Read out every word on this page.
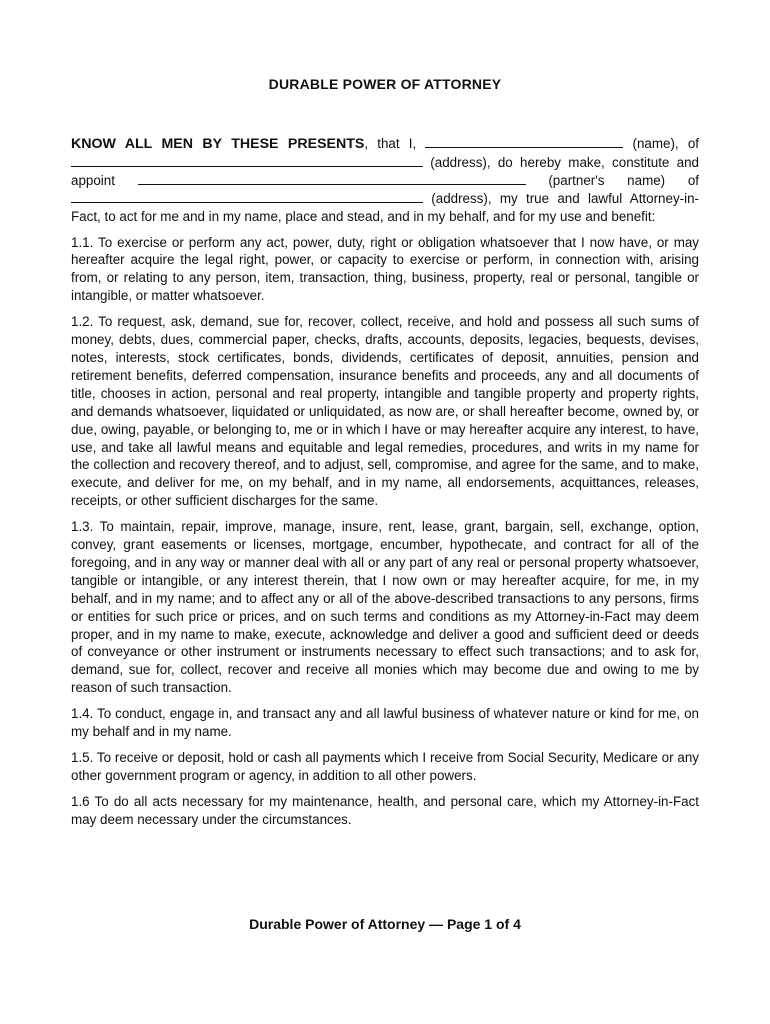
DURABLE POWER OF ATTORNEY

KNOW ALL MEN BY THESE PRESENTS, that I,	(name), of  (address), do hereby make, constitute and appoint	(partner's name) of  (address), my true and lawful Attorney-in-Fact, to act for me and in my name, place and stead, and in my behalf, and for my use and benefit:

1.1. To exercise or perform any act, power, duty, right or obligation whatsoever that I now have, or may hereafter acquire the legal right, power, or capacity to exercise or perform, in connection with, arising from, or relating to any person, item, transaction, thing, business, property, real or personal, tangible or intangible, or matter whatsoever.

1.2. To request, ask, demand, sue for, recover, collect, receive, and hold and possess all such sums of money, debts, dues, commercial paper, checks, drafts, accounts, deposits, legacies, bequests, devises, notes, interests, stock certificates, bonds, dividends, certificates of deposit, annuities, pension and retirement benefits, deferred compensation, insurance benefits and proceeds, any and all documents of title, chooses in action, personal and real property, intangible and tangible property and property rights, and demands whatsoever, liquidated or unliquidated, as now are, or shall hereafter become, owned by, or due, owing, payable, or belonging to, me or in which I have or may hereafter acquire any interest, to have, use, and take all lawful means and equitable and legal remedies, procedures, and writs in my name for the collection and recovery thereof, and to adjust, sell, compromise, and agree for the same, and to make, execute, and deliver for me, on my behalf, and in my name, all endorsements, acquittances, releases, receipts, or other sufficient discharges for the same.

1.3. To maintain, repair, improve, manage, insure, rent, lease, grant, bargain, sell, exchange, option, convey, grant easements or licenses, mortgage, encumber, hypothecate, and contract for all of the foregoing, and in any way or manner deal with all or any part of any real or personal property whatsoever, tangible or intangible, or any interest therein, that I now own or may hereafter acquire, for me, in my behalf, and in my name; and to affect any or all of the above-described transactions to any persons, firms or entities for such price or prices, and on such terms and conditions as my Attorney-in-Fact may deem proper, and in my name to make, execute, acknowledge and deliver a good and sufficient deed or deeds of conveyance or other instrument or instruments necessary to effect such transactions; and to ask for, demand, sue for, collect, recover and receive all monies which may become due and owing to me by reason of such transaction.

1.4. To conduct, engage in, and transact any and all lawful business of whatever nature or kind for me, on my behalf and in my name.

1.5. To receive or deposit, hold or cash all payments which I receive from Social Security, Medicare or any other government program or agency, in addition to all other powers.

1.6 To do all acts necessary for my maintenance, health, and personal care, which my Attorney-in-Fact may deem necessary under the circumstances.

Durable Power of Attorney — Page 1 of 4
